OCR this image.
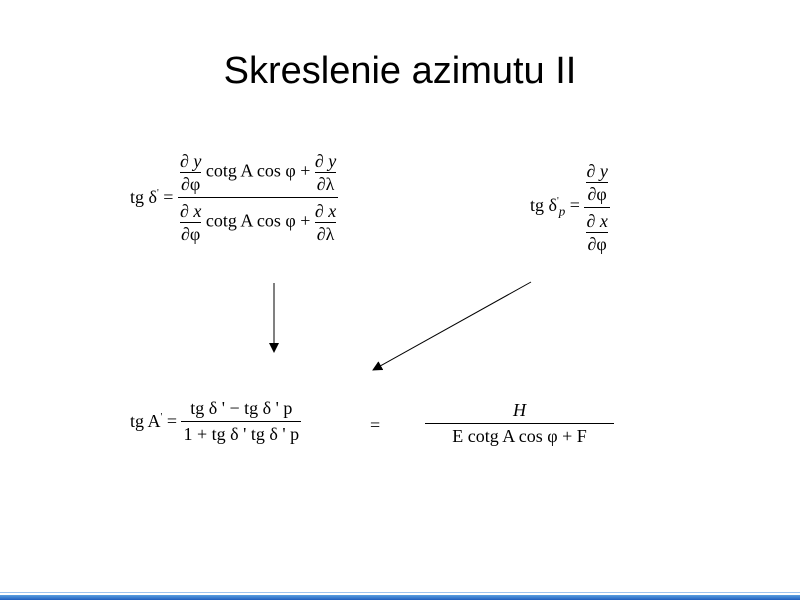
Skreslenie azimutu II
tg $\delta' = \frac{\frac{\partial y}{\partial\varphi} \cot g A \cos \varphi + \frac{\partial y}{\partial\lambda}}{\frac{\partial x}{\partial\varphi} \cot g A \cos \varphi + \frac{\partial x}{\partial\lambda}}$	tg $\delta'_p = \frac{\frac{\partial y}{\partial\varphi}}{\frac{\partial x}{\partial\varphi}}$
tg $A' = \frac{\text{tg δ ' − tg δ ' p}}{\text{1 + tg δ ' tg δ ' p}}$	= $\frac{H}{\text{E cotg A cos φ + F}}$
